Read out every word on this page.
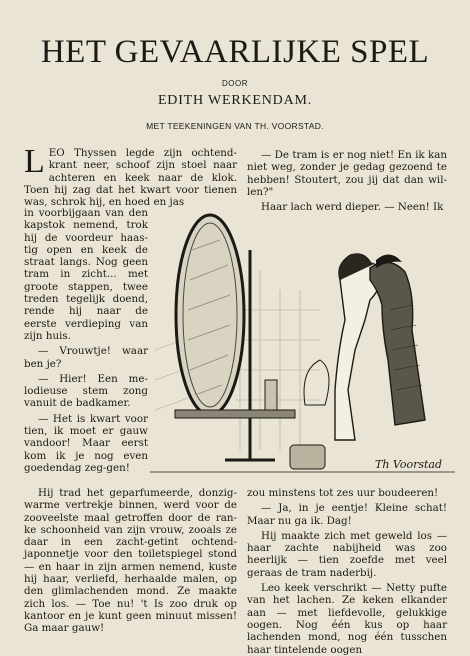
HET GEVAARLIJKE SPEL
DOOR
EDITH WERKENDAM.
MET TEEKENINGEN VAN TH. VOORSTAD.
L EO Thyssen legde zijn ochtend-krant neer, schoof zijn stoel naar achteren en keek naar de klok. Toen hij zag dat het kwart voor tienen was, schrok hij, en hoed en jas

in voorbijgaan van den kapstok nemend, trok hij de voordeur haas-tig open en keek de straat langs. Nog geen tram in zicht... met groote stappen, twee treden tegelijk doend, rende hij naar de eerste verdieping van zijn huis.

— Vrouwtje! waar ben je?

— Hier! Een me-lodieuse stem zong vanuit de badkamer.

— Het is kwart voor tien, ik moet er gauw vandoor! Maar eerst kom ik je nog even goedendag zeg-gen!

Hij trad het geparfumeerde, donzig-warme vertrekje binnen, werd voor de zooveelste maal getroffen door de ran-ke schoonheid van zijn vrouw, zooals ze daar in een zacht-getint ochtend-japonnetje voor den toiletspiegel stond — en haar in zijn armen nemend, kuste hij haar, verliefd, herhaalde malen, op den glimlachenden mond. Ze maakte zich los. — Toe nu! 't Is zoo druk op kantoor en je kunt geen minuut missen! Ga maar gauw!

— De tram is er nog niet! En ik kan niet weg, zonder je gedag gezoend te hebben! Stoutert, zou jij dat dan wil-len?"

Haar lach werd dieper. — Neen! Ik

Th Voorstad

zou minstens tot zes uur boudeeren!

— Ja, in je eentje! Kleine schat! Maar nu ga ik. Dag!

Hij maakte zich met geweld los — haar zachte nabijheid was zoo heerlijk — tien zoefde met veel geraas de tram naderbij.

Leo keek verschrikt — Netty pufte van het lachen. Ze keken elkander aan — met liefdevolle, gelukkige oogen. Nog één kus op haar lachenden mond, nog één tusschen haar tintelende oogen
